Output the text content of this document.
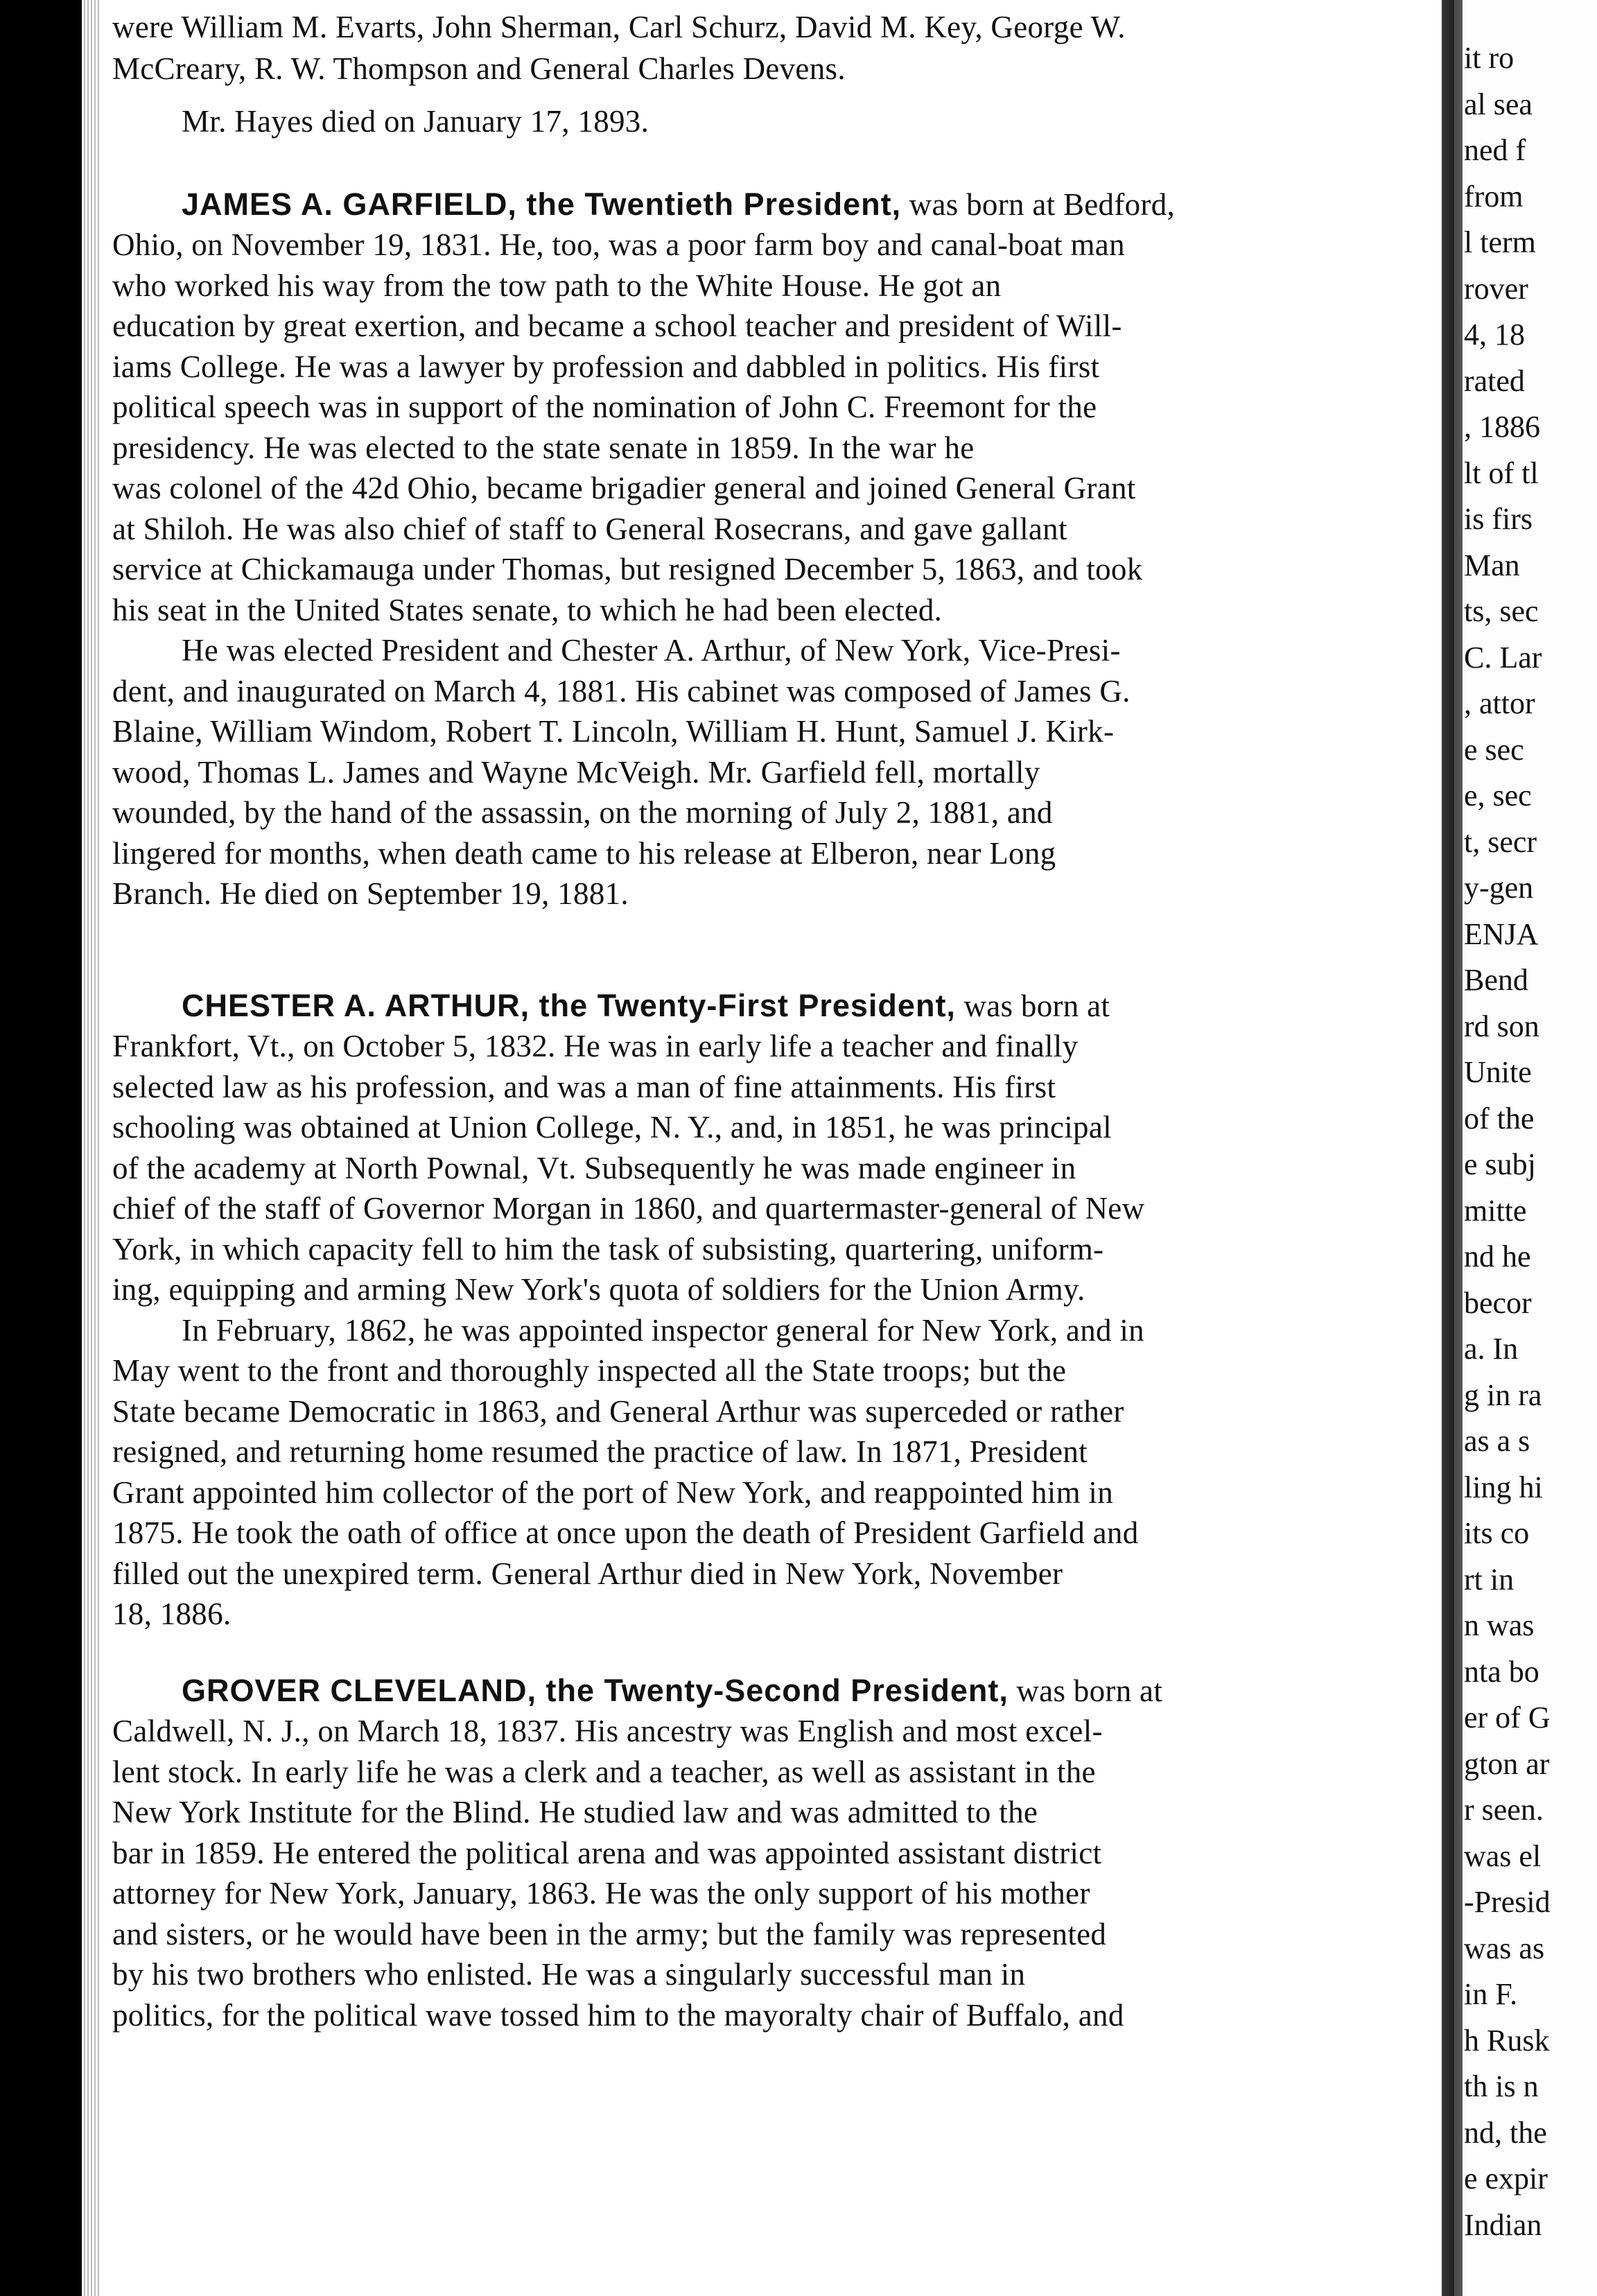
it ro
al sea
ned f
from
l term
rover
4, 18
rated
, 1886
lt of tl
is firs
Man
ts, sec
C. Lar
, attor
e sec
e, sec
t, secr
y-gen
ENJA
Bend
rd son
Unite
of the
e subj
mitte
nd he
becor
a. In
g in ra
as a s
ling hi
its co
rt in
n was
nta bo
er of G
gton ar
r seen.
was el
-Presid
was as
in F.
h Rusk
th is n
nd, the
e expir
Indian
were William M. Evarts, John Sherman, Carl Schurz, David M. Key, George W.
McCreary, R. W. Thompson and General Charles Devens.
Mr. Hayes died on January 17, 1893.
JAMES A. GARFIELD, the Twentieth President, was born at Bedford,
Ohio, on November 19, 1831. He, too, was a poor farm boy and canal-boat man
who worked his way from the tow path to the White House. He got an
education by great exertion, and became a school teacher and president of Will-
iams College. He was a lawyer by profession and dabbled in politics. His first
political speech was in support of the nomination of John C. Freemont for the
presidency. He was elected to the state senate in 1859. In the war he
was colonel of the 42d Ohio, became brigadier general and joined General Grant
at Shiloh. He was also chief of staff to General Rosecrans, and gave gallant
service at Chickamauga under Thomas, but resigned December 5, 1863, and took
his seat in the United States senate, to which he had been elected.
He was elected President and Chester A. Arthur, of New York, Vice-Presi-
dent, and inaugurated on March 4, 1881. His cabinet was composed of James G.
Blaine, William Windom, Robert T. Lincoln, William H. Hunt, Samuel J. Kirk-
wood, Thomas L. James and Wayne McVeigh. Mr. Garfield fell, mortally
wounded, by the hand of the assassin, on the morning of July 2, 1881, and
lingered for months, when death came to his release at Elberon, near Long
Branch. He died on September 19, 1881.
CHESTER A. ARTHUR, the Twenty-First President, was born at
Frankfort, Vt., on October 5, 1832. He was in early life a teacher and finally
selected law as his profession, and was a man of fine attainments. His first
schooling was obtained at Union College, N. Y., and, in 1851, he was principal
of the academy at North Pownal, Vt. Subsequently he was made engineer in
chief of the staff of Governor Morgan in 1860, and quartermaster-general of New
York, in which capacity fell to him the task of subsisting, quartering, uniform-
ing, equipping and arming New York's quota of soldiers for the Union Army.
In February, 1862, he was appointed inspector general for New York, and in
May went to the front and thoroughly inspected all the State troops; but the
State became Democratic in 1863, and General Arthur was superceded or rather
resigned, and returning home resumed the practice of law. In 1871, President
Grant appointed him collector of the port of New York, and reappointed him in
1875. He took the oath of office at once upon the death of President Garfield and
filled out the unexpired term. General Arthur died in New York, November
18, 1886.
GROVER CLEVELAND, the Twenty-Second President, was born at
Caldwell, N. J., on March 18, 1837. His ancestry was English and most excel-
lent stock. In early life he was a clerk and a teacher, as well as assistant in the
New York Institute for the Blind. He studied law and was admitted to the
bar in 1859. He entered the political arena and was appointed assistant district
attorney for New York, January, 1863. He was the only support of his mother
and sisters, or he would have been in the army; but the family was represented
by his two brothers who enlisted. He was a singularly successful man in
politics, for the political wave tossed him to the mayoralty chair of Buffalo, and
